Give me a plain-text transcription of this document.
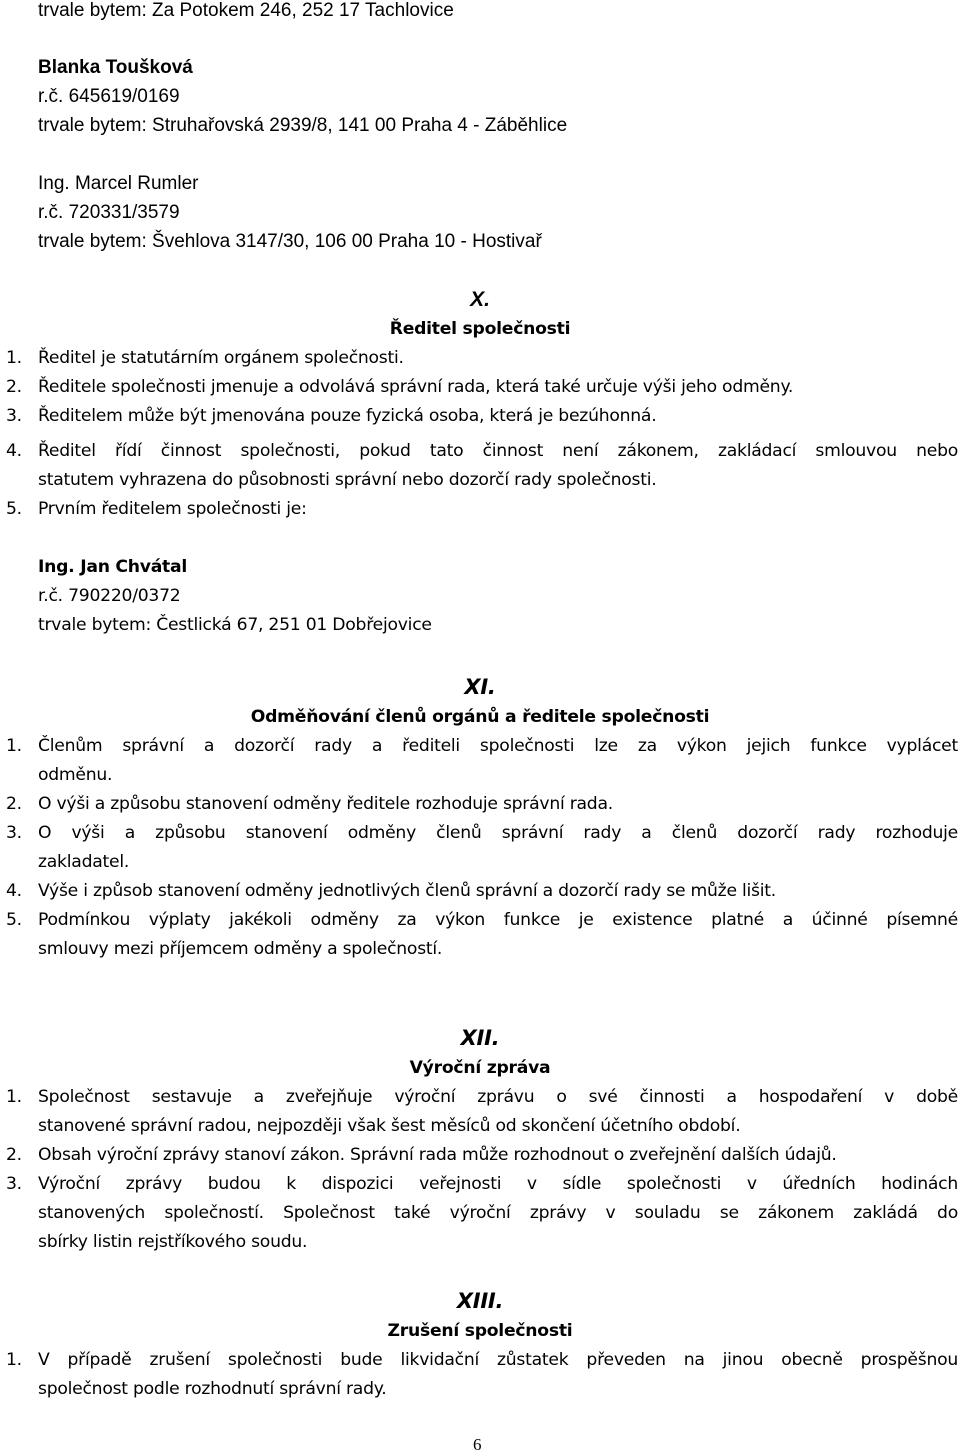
trvale bytem: Za Potokem 246, 252 17 Tachlovice
Blanka Toušková
r.č. 645619/0169
trvale bytem: Struhařovská 2939/8, 141 00 Praha 4 - Záběhlice
Ing. Marcel Rumler
r.č. 720331/3579
trvale bytem: Švehlova 3147/30, 106 00 Praha 10 - Hostivař
X.
Ředitel společnosti
1. Ředitel je statutárním orgánem společnosti.
2. Ředitele společnosti jmenuje a odvolává správní rada, která také určuje výši jeho odměny.
3. Ředitelem může být jmenována pouze fyzická osoba, která je bezúhonná.
4. Ředitel řídí činnost společnosti, pokud tato činnost není zákonem, zakládací smlouvou nebo
statutem vyhrazena do působnosti správní nebo dozorčí rady společnosti.
5. Prvním ředitelem společnosti je:
Ing. Jan Chvátal
r.č. 790220/0372
trvale bytem: Čestlická 67, 251 01 Dobřejovice
XI.
Odměňování členů orgánů a ředitele společnosti
1. Členům správní a dozorčí rady a řediteli společnosti lze za výkon jejich funkce vyplácet
odměnu.
2. O výši a způsobu stanovení odměny ředitele rozhoduje správní rada.
3. O výši a způsobu stanovení odměny členů správní rady a členů dozorčí rady rozhoduje
zakladatel.
4. Výše i způsob stanovení odměny jednotlivých členů správní a dozorčí rady se může lišit.
5. Podmínkou výplaty jakékoli odměny za výkon funkce je existence platné a účinné písemné
smlouvy mezi příjemcem odměny a společností.
XII.
Výroční zpráva
1. Společnost sestavuje a zveřejňuje výroční zprávu o své činnosti a hospodaření v době
stanovené správní radou, nejpozději však šest měsíců od skončení účetního období.
2. Obsah výroční zprávy stanoví zákon. Správní rada může rozhodnout o zveřejnění dalších údajů.
3. Výroční zprávy budou k dispozici veřejnosti v sídle společnosti v úředních hodinách
stanovených společností. Společnost také výroční zprávy v souladu se zákonem zakládá do
sbírky listin rejstříkového soudu.
XIII.
Zrušení společnosti
1. V případě zrušení společnosti bude likvidační zůstatek převeden na jinou obecně prospěšnou
společnost podle rozhodnutí správní rady.
6
